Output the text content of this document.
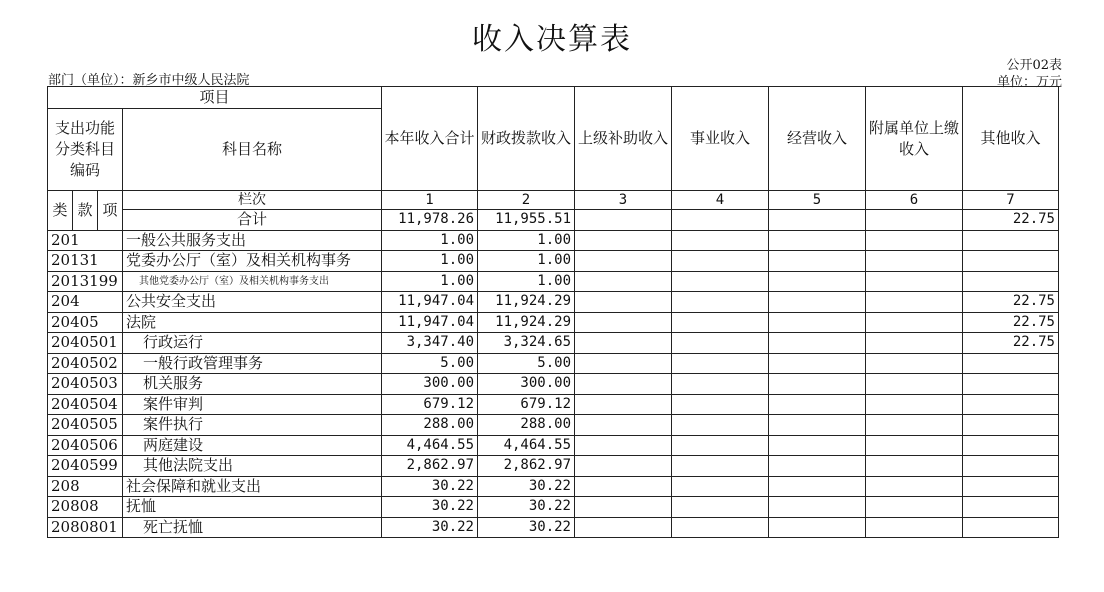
收入决算表
公开02表
部门（单位）：新乡市中级人民法院	单位：万元
项目				本年收入合计	财政拨款收入	上级补助收入	事业收入	经营收入	附属单位上缴收入	其他收入
支出功能分类科目编码			科目名称							
类	款	项	栏次	1	2	3	4	5	6	7
			合计	11,978.26	11,955.51					22.75
201			一般公共服务支出	1.00	1.00					
20131			党委办公厅（室）及相关机构事务	1.00	1.00					
2013199			其他党委办公厅（室）及相关机构事务支出	1.00	1.00					
204			公共安全支出	11,947.04	11,924.29					22.75
20405			法院	11,947.04	11,924.29					22.75
2040501			行政运行	3,347.40	3,324.65					22.75
2040502			一般行政管理事务	5.00	5.00					
2040503			机关服务	300.00	300.00					
2040504			案件审判	679.12	679.12					
2040505			案件执行	288.00	288.00					
2040506			两庭建设	4,464.55	4,464.55					
2040599			其他法院支出	2,862.97	2,862.97					
208			社会保障和就业支出	30.22	30.22					
20808			抚恤	30.22	30.22					
2080801			死亡抚恤	30.22	30.22					
